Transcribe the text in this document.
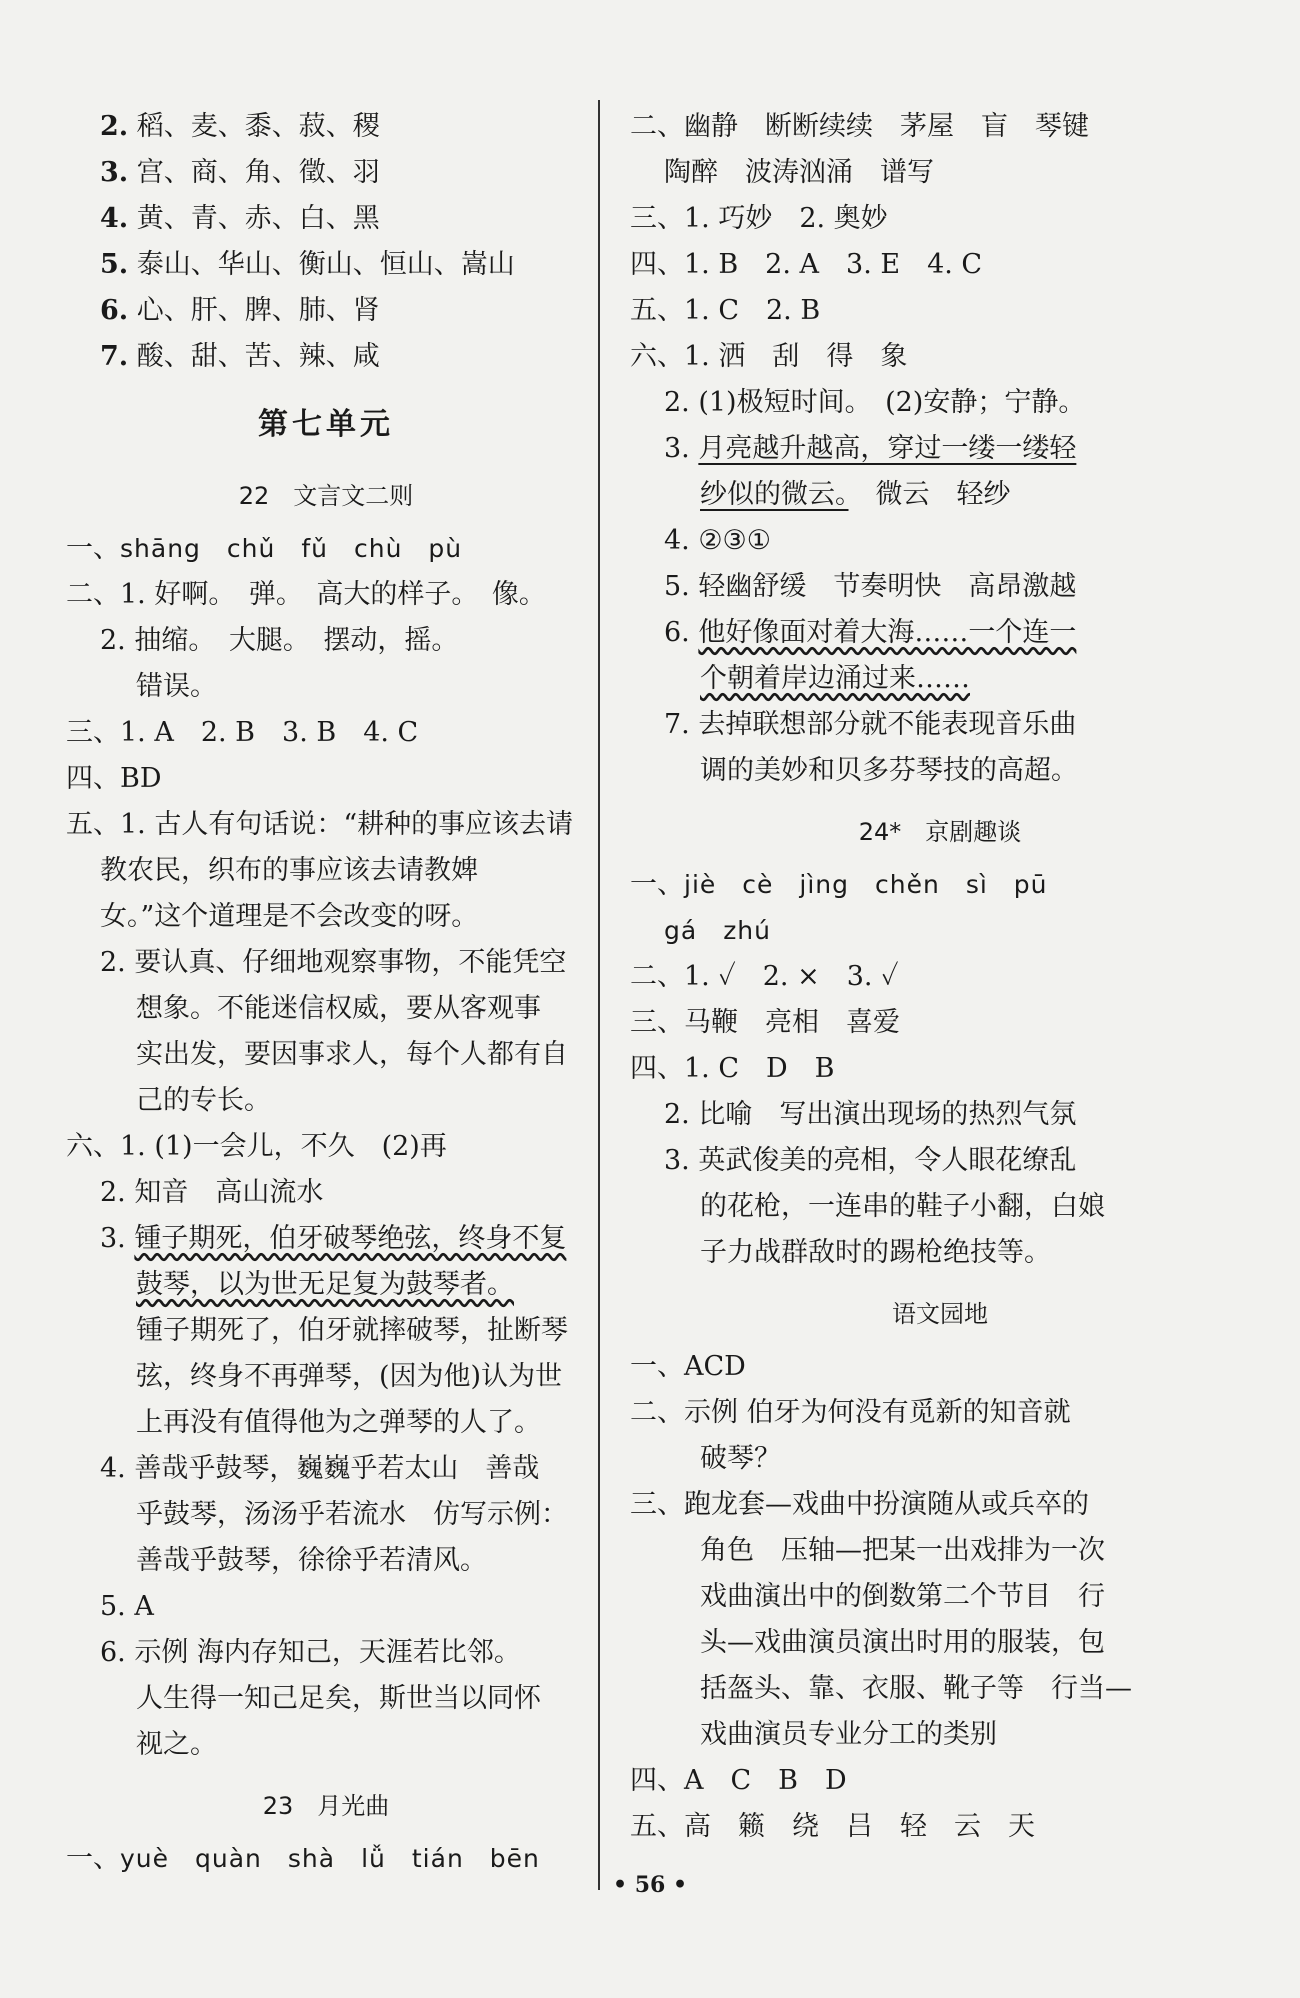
2. 稻、麦、黍、菽、稷
3. 宫、商、角、徵、羽
4. 黄、青、赤、白、黑
5. 泰山、华山、衡山、恒山、嵩山
6. 心、肝、脾、肺、肾
7. 酸、甜、苦、辣、咸
第七单元
22　文言文二则
一、shāng　chǔ　fǔ　chù　pù
二、1. 好啊。　弹。　高大的样子。　像。
2. 抽缩。　大腿。　摆动，摇。
错误。
三、1. A　2. B　3. B　4. C
四、BD
五、1. 古人有句话说：“耕种的事应该去请
教农民，织布的事应该去请教婢
女。”这个道理是不会改变的呀。
2. 要认真、仔细地观察事物，不能凭空
想象。不能迷信权威，要从客观事
实出发，要因事求人，每个人都有自
己的专长。
六、1. (1)一会儿，不久　(2)再
2. 知音　高山流水
3. 锺子期死，伯牙破琴绝弦，终身不复
鼓琴，以为世无足复为鼓琴者。
锺子期死了，伯牙就摔破琴，扯断琴
弦，终身不再弹琴，(因为他)认为世
上再没有值得他为之弹琴的人了。
4. 善哉乎鼓琴，巍巍乎若太山　善哉
乎鼓琴，汤汤乎若流水　仿写示例：
善哉乎鼓琴，徐徐乎若清风。
5. A
6. 示例 海内存知己，天涯若比邻。
人生得一知己足矣，斯世当以同怀
视之。
23　月光曲
一、yuè　quàn　shà　lǚ　tián　bēn
二、幽静　断断续续　茅屋　盲　琴键
陶醉　波涛汹涌　谱写
三、1. 巧妙　2. 奥妙
四、1. B　2. A　3. E　4. C
五、1. C　2. B
六、1. 洒　刮　得　象
2. (1)极短时间。　(2)安静；宁静。
3. 月亮越升越高，穿过一缕一缕轻
纱似的微云。　微云　轻纱
4. ②③①
5. 轻幽舒缓　节奏明快　高昂激越
6. 他好像面对着大海……一个连一
个朝着岸边涌过来……
7. 去掉联想部分就不能表现音乐曲
调的美妙和贝多芬琴技的高超。
24*　京剧趣谈
一、jiè　cè　jìng　chěn　sì　pū
gá　zhú
二、1. ✓　2. ×　3. ✓
三、马鞭　亮相　喜爱
四、1. C　D　B
2. 比喻　写出演出现场的热烈气氛
3. 英武俊美的亮相，令人眼花缭乱
的花枪，一连串的鞋子小翻，白娘
子力战群敌时的踢枪绝技等。
语文园地
一、ACD
二、示例 伯牙为何没有觅新的知音就
破琴？
三、跑龙套—戏曲中扮演随从或兵卒的
角色　压轴—把某一出戏排为一次
戏曲演出中的倒数第二个节目　行
头—戏曲演员演出时用的服装，包
括盔头、靠、衣服、靴子等　行当—
戏曲演员专业分工的类别
四、A　C　B　D
五、高　籁　绕　吕　轻　云　天
• 56 •
